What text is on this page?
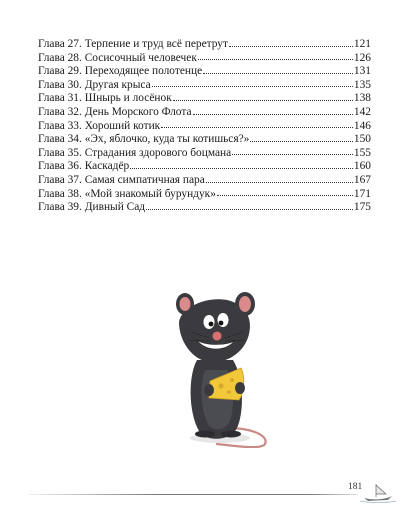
Глава 27. Терпение и труд всё перетрут	121
Глава 28. Сосисочный человечек	126
Глава 29. Переходящее полотенце	131
Глава 30. Другая крыса	135
Глава 31. Шнырь и лосёнок	138
Глава 32. День Морского Флота	142
Глава 33. Хороший котик	146
Глава 34. «Эх, яблочко, куда ты котишься?»	150
Глава 35. Страдания здорового боцмана	155
Глава 36. Каскадёр	160
Глава 37. Самая симпатичная пара	167
Глава 38. «Мой знакомый бурундук»	171
Глава 39. Дивный Сад	175
181
